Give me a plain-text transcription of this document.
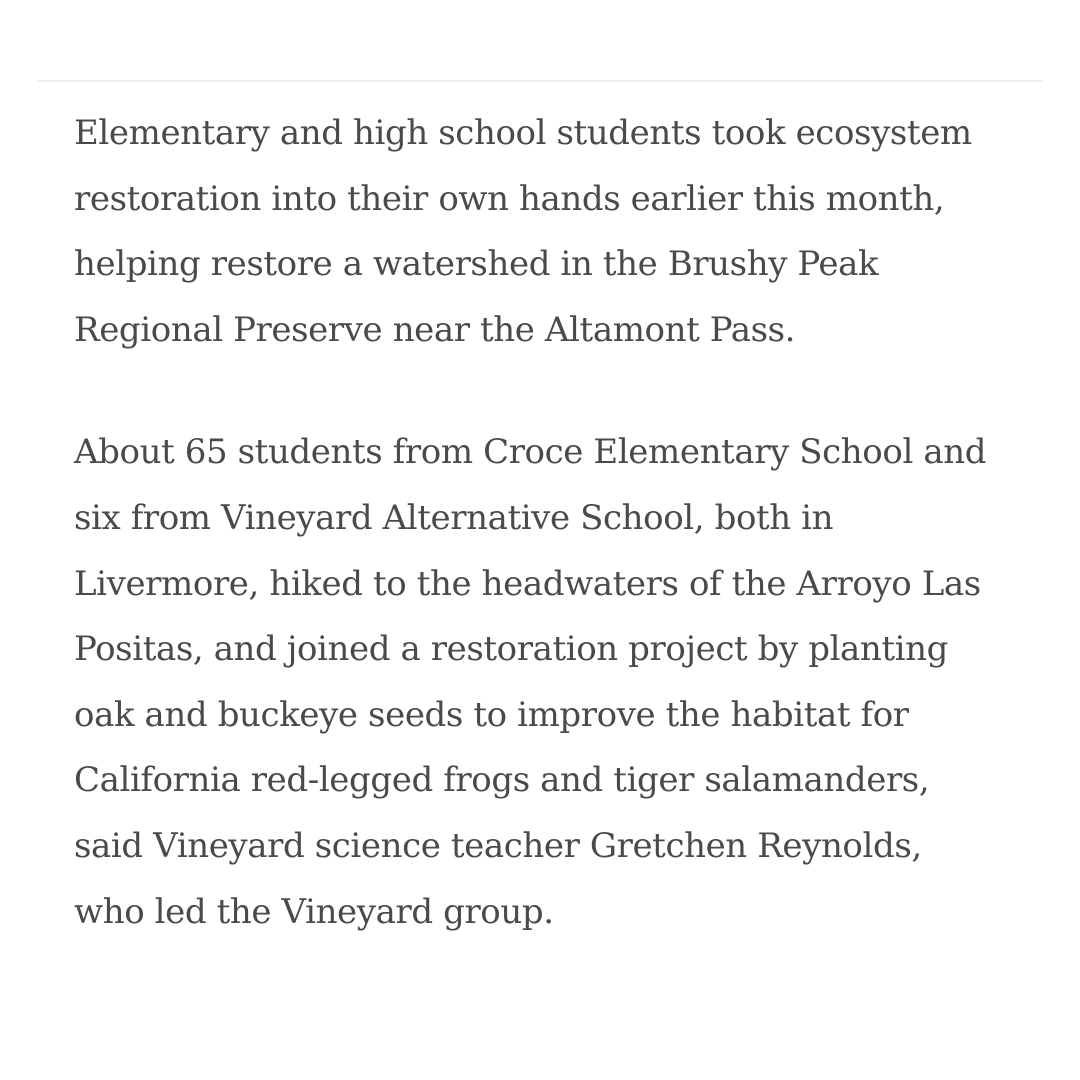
Elementary and high school students took ecosystem
restoration into their own hands earlier this month,
helping restore a watershed in the Brushy Peak
Regional Preserve near the Altamont Pass.

About 65 students from Croce Elementary School and
six from Vineyard Alternative School, both in
Livermore, hiked to the headwaters of the Arroyo Las
Positas, and joined a restoration project by planting
oak and buckeye seeds to improve the habitat for
California red-legged frogs and tiger salamanders,
said Vineyard science teacher Gretchen Reynolds,
who led the Vineyard group.
